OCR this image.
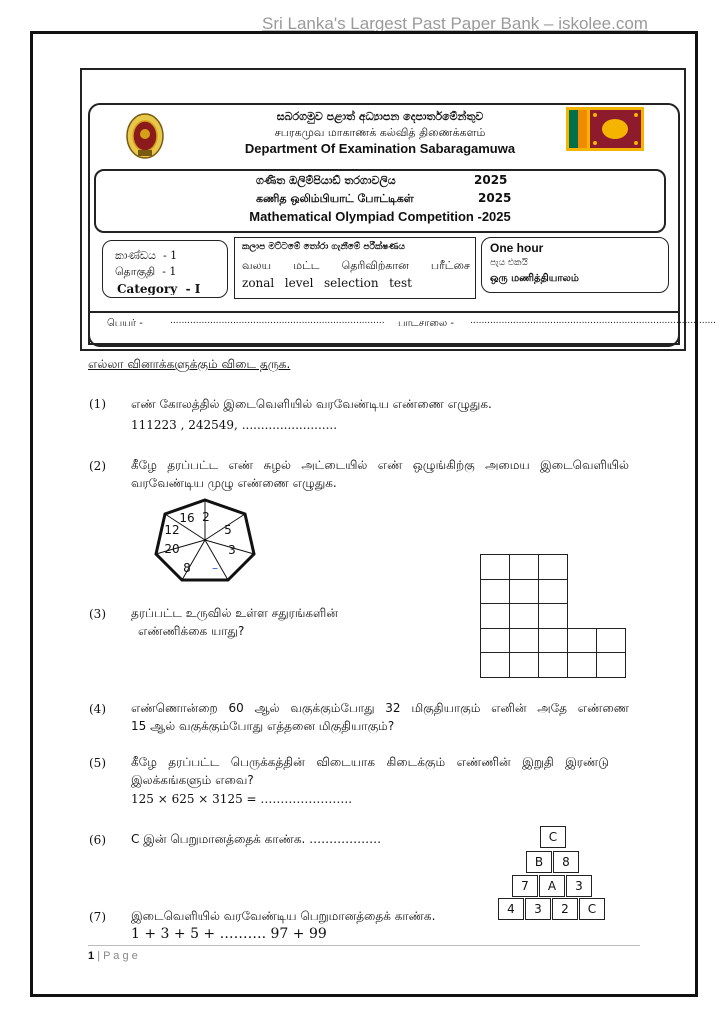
Sri Lanka's Largest Past Paper Bank – iskolee.com
සබරගමුව පළාත් අධ්‍යාපන දෙපාර්තමේන්තුව
சபரகமுவ மாகாணக் கல்வித் திணைக்களம்
Department Of Examination Sabaragamuwa
ගණිත ඔලිම්පියාඩ් තරගාවලිය	2025
கணித ஒலிம்பியாட் போட்டிகள்	2025
Mathematical Olympiad Competition -2025
කාණ්ඩය - 1
தொகுதி - 1
Category - I
කලාප මට්ටමේ තෝරා ගැනීමේ පරීක්ෂණය
வலய மட்ட தெரிவிற்கான பரீட்சை
zonal level selection test
One hour
පැය එකයි
ஒரு மணித்தியாலம்
பெயர் -	........................................................................... பாடசாலை - ......................................................................................
எல்லா வினாக்களுக்கும் விடை தருக.
(1) எண் கோலத்தில் இடைவெளியில் வரவேண்டிய எண்ணை எழுதுக.
111223 , 242549, .........................
(2) கீழே தரப்பட்ட எண் சுழல் அட்டையில் எண் ஒழுங்கிற்கு அமைய இடைவெளியில்
வரவேண்டிய முழு எண்ணை எழுதுக.
16 2
5
3
–
8
20
12
(3) தரப்பட்ட உருவில் உள்ள சதுரங்களின்
எண்ணிக்கை யாது?
(4) எண்ணொன்றை 60 ஆல் வகுக்கும்போது 32 மிகுதியாகும் எனின் அதே எண்ணை
15 ஆல் வகுக்கும்போது எத்தனை மிகுதியாகும்?
(5) கீழே தரப்பட்ட பெருக்கத்தின் விடையாக கிடைக்கும் எண்ணின் இறுதி இரண்டு
இலக்கங்களும் எவை?
125 × 625 × 3125 = …………………..
(6) C இன் பெறுமானத்தைக் காண்க. ………………	C
B	8
7	A	3
4	3	2	C
(7) இடைவெளியில் வரவேண்டிய பெறுமானத்தைக் காண்க.
1 + 3 + 5 + ………. 97 + 99
1 | P a g e
